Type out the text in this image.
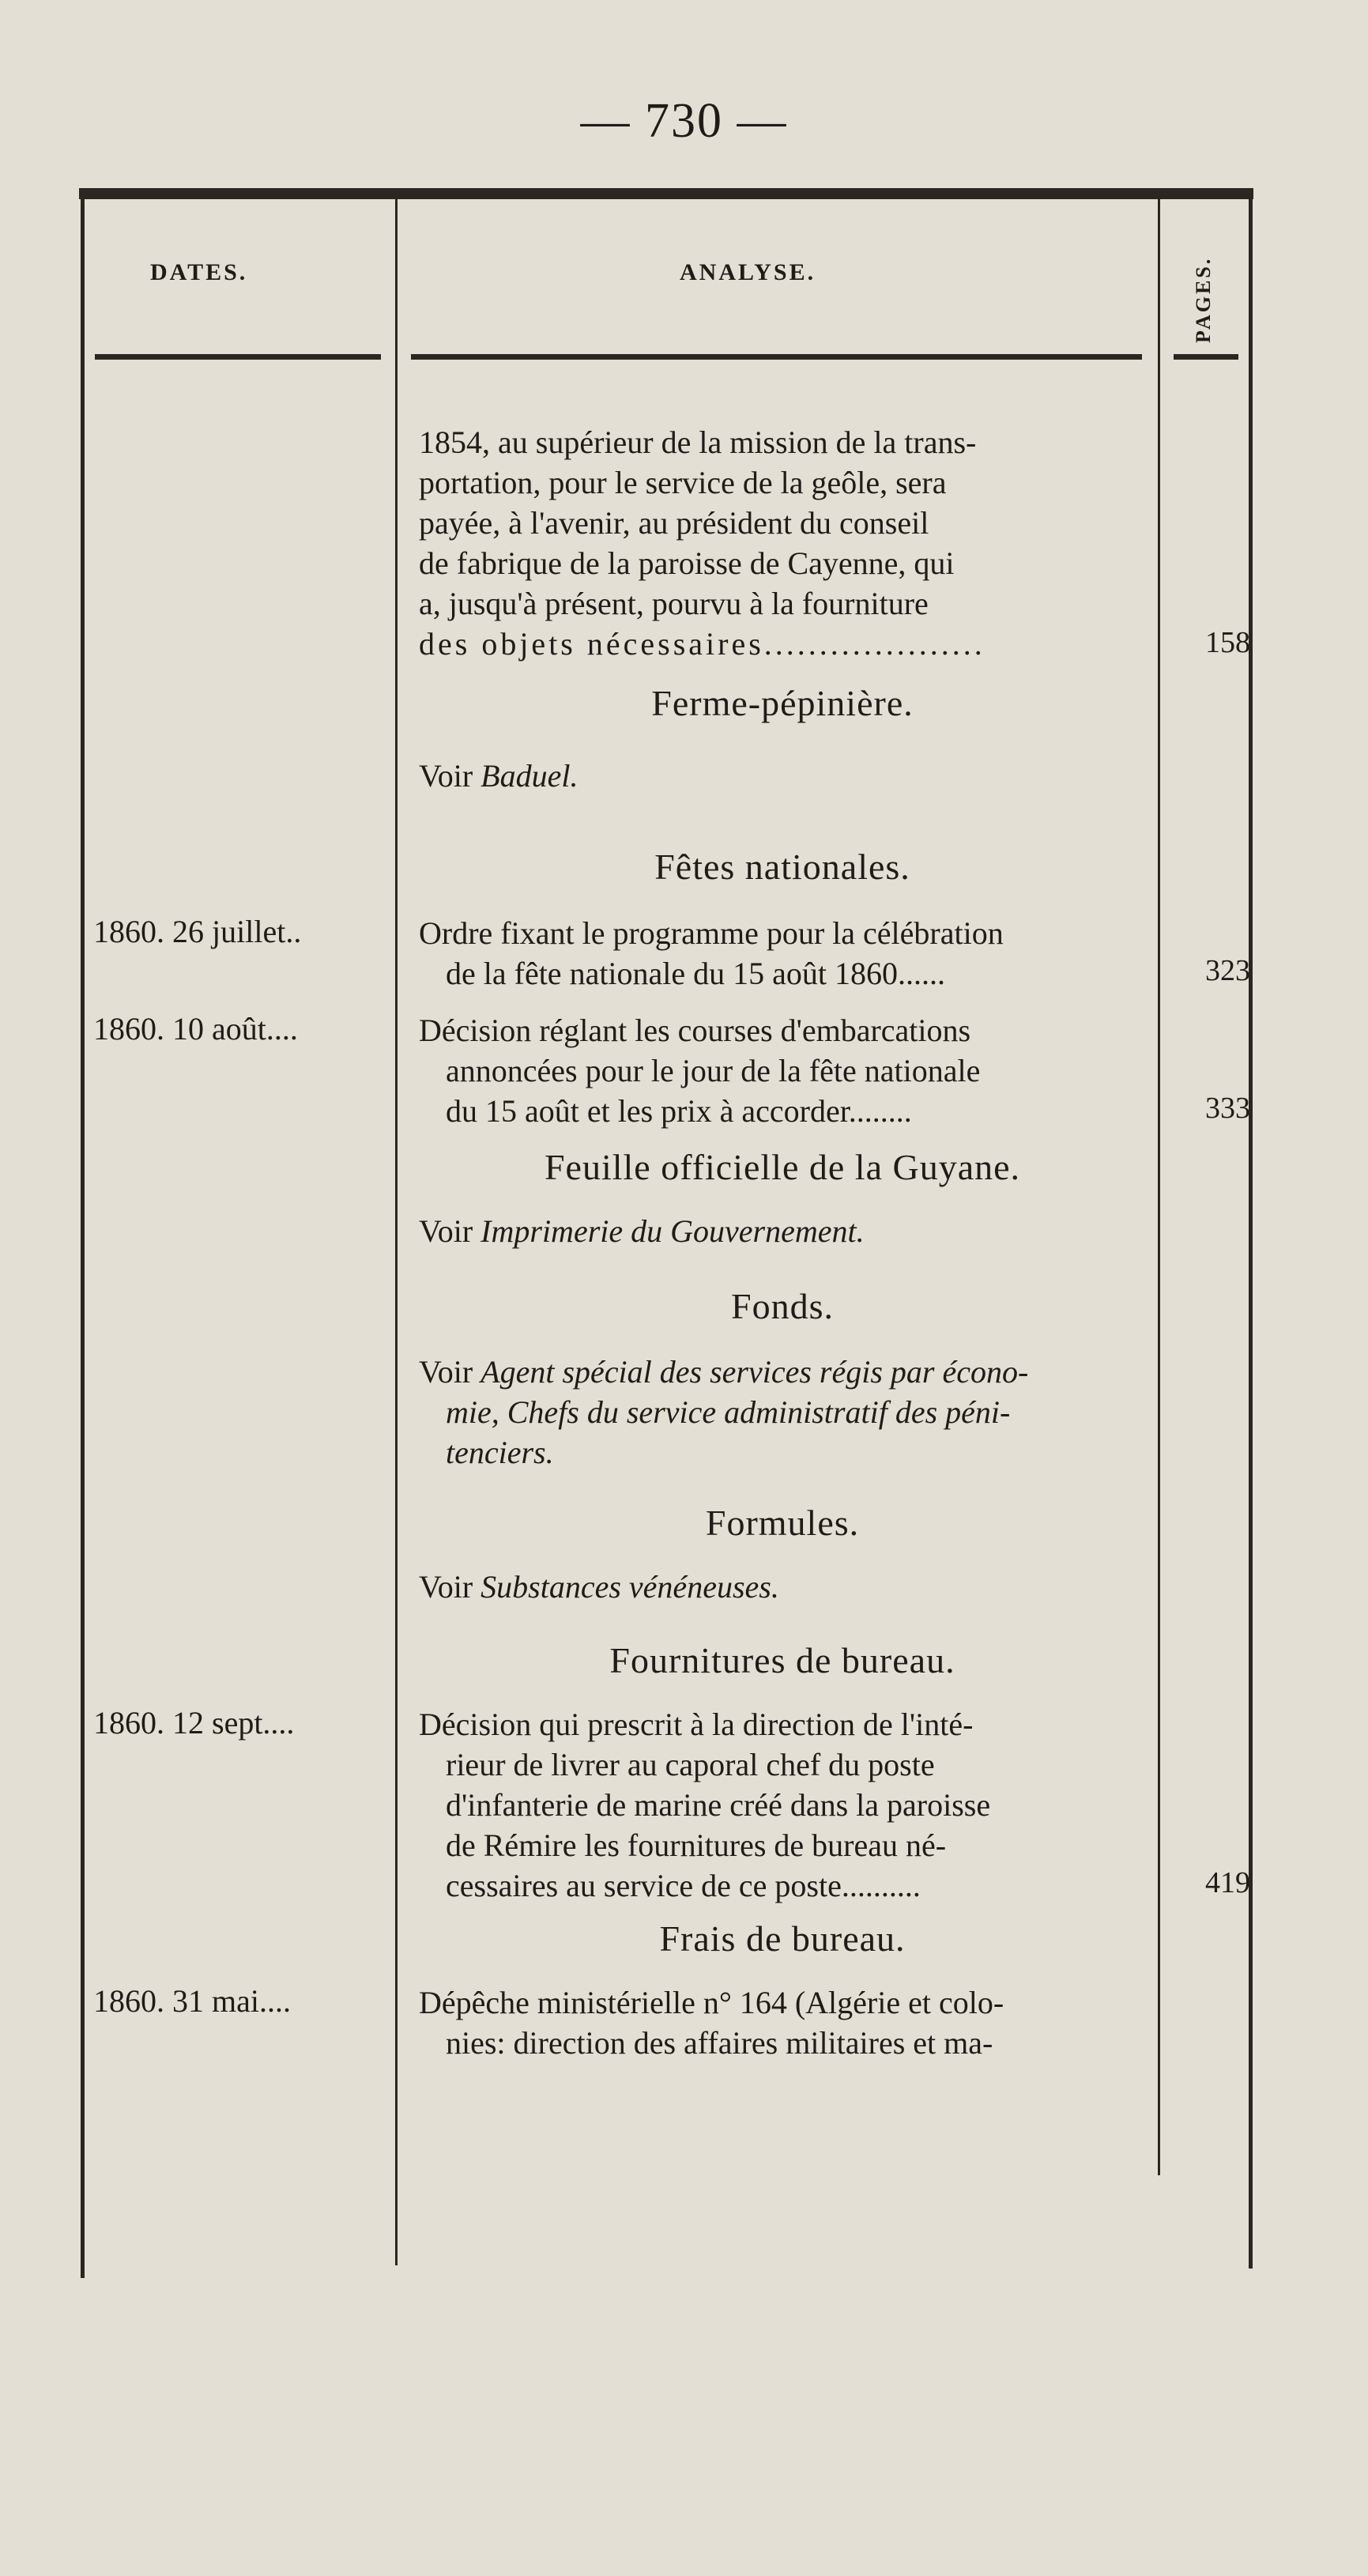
— 730 —
DATES.	ANALYSE.	PAGES.
1854, au supérieur de la mission de la trans-
portation, pour le service de la geôle, sera
payée, à l'avenir, au président du conseil
de fabrique de la paroisse de Cayenne, qui
a, jusqu'à présent, pourvu à la fourniture
des objets nécessaires....................
Ferme-pépinière.
Voir Baduel.
Fêtes nationales.
Ordre fixant le programme pour la célébration
de la fête nationale du 15 août 1860......
Décision réglant les courses d'embarcations
annoncées pour le jour de la fête nationale
du 15 août et les prix à accorder........
Feuille officielle de la Guyane.
Voir Imprimerie du Gouvernement.
Fonds.
Voir Agent spécial des services régis par écono-
mie, Chefs du service administratif des péni-
tenciers.
Formules.
Voir Substances vénéneuses.
Fournitures de bureau.
Décision qui prescrit à la direction de l'inté-
rieur de livrer au caporal chef du poste
d'infanterie de marine créé dans la paroisse
de Rémire les fournitures de bureau né-
cessaires au service de ce poste..........
Frais de bureau.
Dépêche ministérielle n° 164 (Algérie et colo-
nies: direction des affaires militaires et ma-
1860. 26 juillet..
1860. 10 août....
1860. 12 sept....
1860. 31 mai....
158
323
333
419
